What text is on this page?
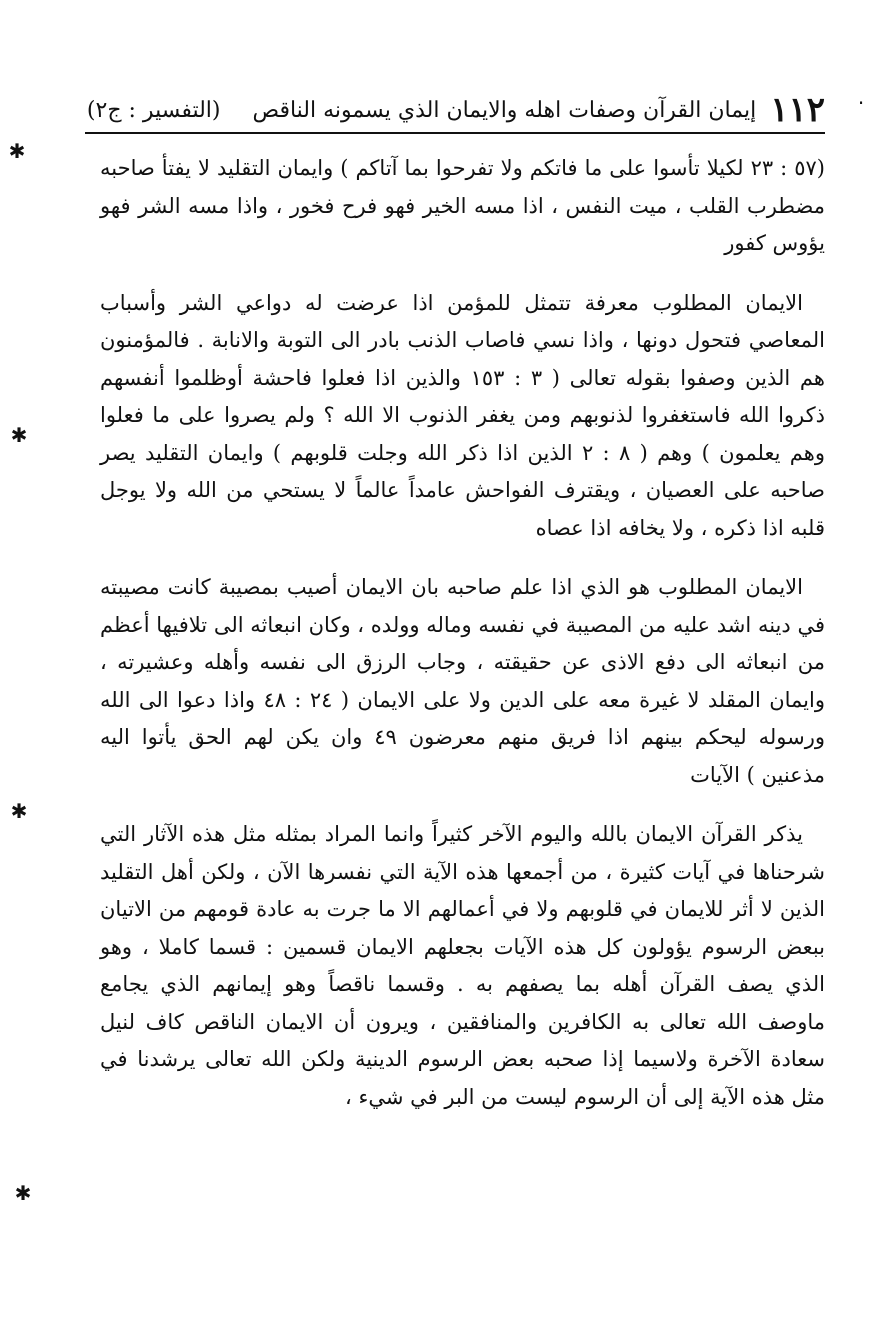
١١٢
إيمان القرآن وصفات اهله والايمان الذي يسمونه الناقص
(التفسير : ج٢)

(٥٧ : ٢٣ لكيلا تأسوا على ما فاتكم ولا تفرحوا بما آتاكم ) وايمان التقليد لا يفتأ صاحبه مضطرب القلب ، ميت النفس ، اذا مسه الخير فهو فرح فخور ، واذا مسه الشر فهو يؤوس كفور

الايمان المطلوب معرفة تتمثل للمؤمن اذا عرضت له دواعي الشر وأسباب المعاصي فتحول دونها ، واذا نسي فاصاب الذنب بادر الى التوبة والانابة . فالمؤمنون هم الذين وصفوا بقوله تعالى ( ٣ : ١٥٣ والذين اذا فعلوا فاحشة أوظلموا أنفسهم ذكروا الله فاستغفروا لذنوبهم ومن يغفر الذنوب الا الله ؟ ولم يصروا على ما فعلوا وهم يعلمون ) وهم ( ٨ : ٢ الذين اذا ذكر الله وجلت قلوبهم ) وايمان التقليد يصر صاحبه على العصيان ، ويقترف الفواحش عامداً عالماً لا يستحي من الله ولا يوجل قلبه اذا ذكره ، ولا يخافه اذا عصاه

الايمان المطلوب هو الذي اذا علم صاحبه بان الايمان أصيب بمصيبة كانت مصيبته في دينه اشد عليه من المصيبة في نفسه وماله وولده ، وكان انبعاثه الى تلافيها أعظم من انبعاثه الى دفع الاذى عن حقيقته ، وجاب الرزق الى نفسه وأهله وعشيرته ، وايمان المقلد لا غيرة معه على الدين ولا على الايمان ( ٢٤ : ٤٨ واذا دعوا الى الله ورسوله ليحكم بينهم اذا فريق منهم معرضون ٤٩ وان يكن لهم الحق يأتوا اليه مذعنين ) الآيات

يذكر القرآن الايمان بالله واليوم الآخر كثيراً وانما المراد بمثله مثل هذه الآثار التي شرحناها في آيات كثيرة ، من أجمعها هذه الآية التي نفسرها الآن ، ولكن أهل التقليد الذين لا أثر للايمان في قلوبهم ولا في أعمالهم الا ما جرت به عادة قومهم من الاتيان ببعض الرسوم يؤولون كل هذه الآيات بجعلهم الايمان قسمين : قسما كاملا ، وهو الذي يصف القرآن أهله بما يصفهم به . وقسما ناقصاً وهو إيمانهم الذي يجامع ماوصف الله تعالى به الكافرين والمنافقين ، ويرون أن الايمان الناقص كاف لنيل سعادة الآخرة ولاسيما إذا صحبه بعض الرسوم الدينية ولكن الله تعالى يرشدنا في مثل هذه الآية إلى أن الرسوم ليست من البر في شيء ،

✱
✱
✱
✱
·
